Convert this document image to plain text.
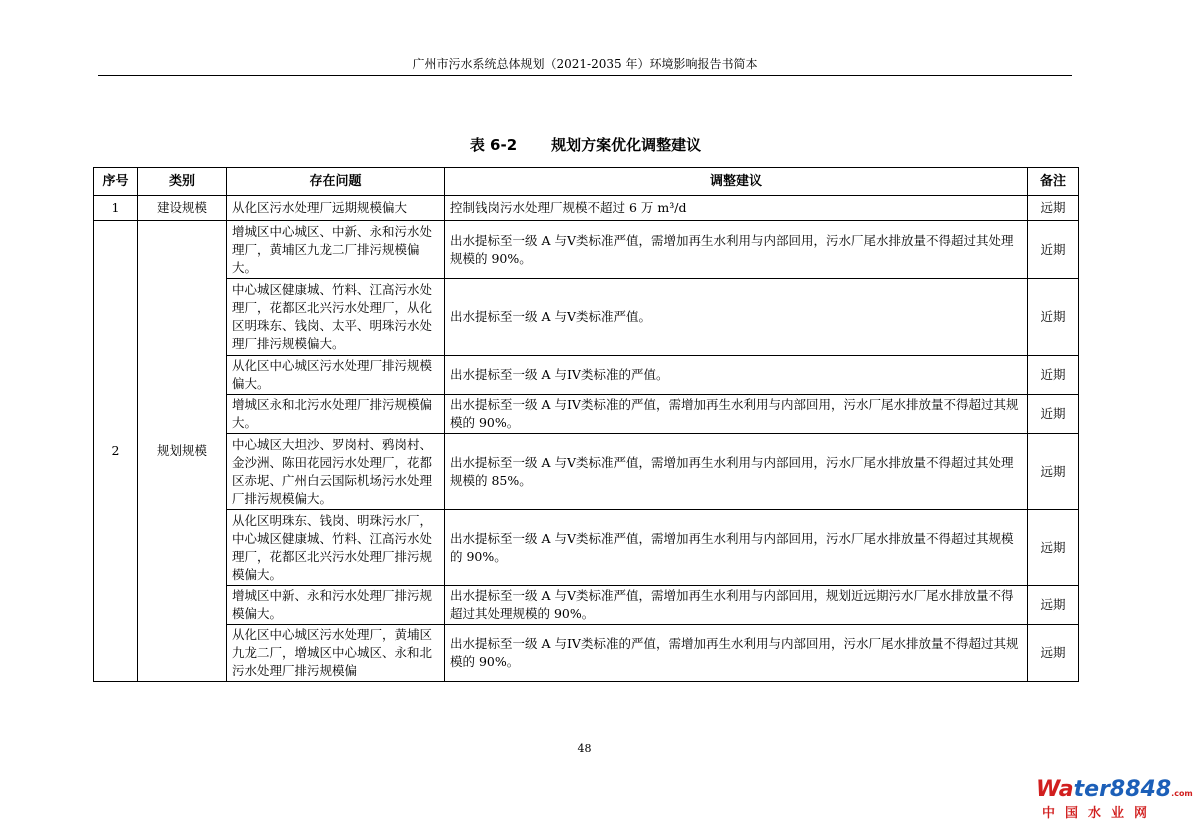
广州市污水系统总体规划（2021-2035 年）环境影响报告书简本
表 6-2 规划方案优化调整建议
序号	类别	存在问题	调整建议	备注
1	建设规模	从化区污水处理厂远期规模偏大	控制钱岗污水处理厂规模不超过 6 万 m³/d	远期
2	规划规模	增城区中心城区、中新、永和污水处理厂，黄埔区九龙二厂排污规模偏大。	出水提标至一级 A 与V类标准严值，需增加再生水利用与内部回用，污水厂尾水排放量不得超过其处理规模的 90%。	近期
		中心城区健康城、竹料、江高污水处理厂，花都区北兴污水处理厂，从化区明珠东、钱岗、太平、明珠污水处理厂排污规模偏大。	出水提标至一级 A 与V类标准严值。	近期
		从化区中心城区污水处理厂排污规模偏大。	出水提标至一级 A 与IV类标准的严值。	近期
		增城区永和北污水处理厂排污规模偏大。	出水提标至一级 A 与IV类标准的严值，需增加再生水利用与内部回用，污水厂尾水排放量不得超过其规模的 90%。	近期
		中心城区大坦沙、罗岗村、鸦岗村、金沙洲、陈田花园污水处理厂，花都区赤坭、广州白云国际机场污水处理厂排污规模偏大。	出水提标至一级 A 与V类标准严值，需增加再生水利用与内部回用，污水厂尾水排放量不得超过其处理规模的 85%。	远期
		从化区明珠东、钱岗、明珠污水厂，中心城区健康城、竹料、江高污水处理厂，花都区北兴污水处理厂排污规模偏大。	出水提标至一级 A 与V类标准严值，需增加再生水利用与内部回用，污水厂尾水排放量不得超过其规模的 90%。	远期
		增城区中新、永和污水处理厂排污规模偏大。	出水提标至一级 A 与V类标准严值，需增加再生水利用与内部回用，规划近远期污水厂尾水排放量不得超过其处理规模的 90%。	远期
		从化区中心城区污水处理厂，黄埔区九龙二厂，增城区中心城区、永和北污水处理厂排污规模偏	出水提标至一级 A 与IV类标准的严值，需增加再生水利用与内部回用，污水厂尾水排放量不得超过其规模的 90%。	远期
48
Water8848.com
中国水业网
